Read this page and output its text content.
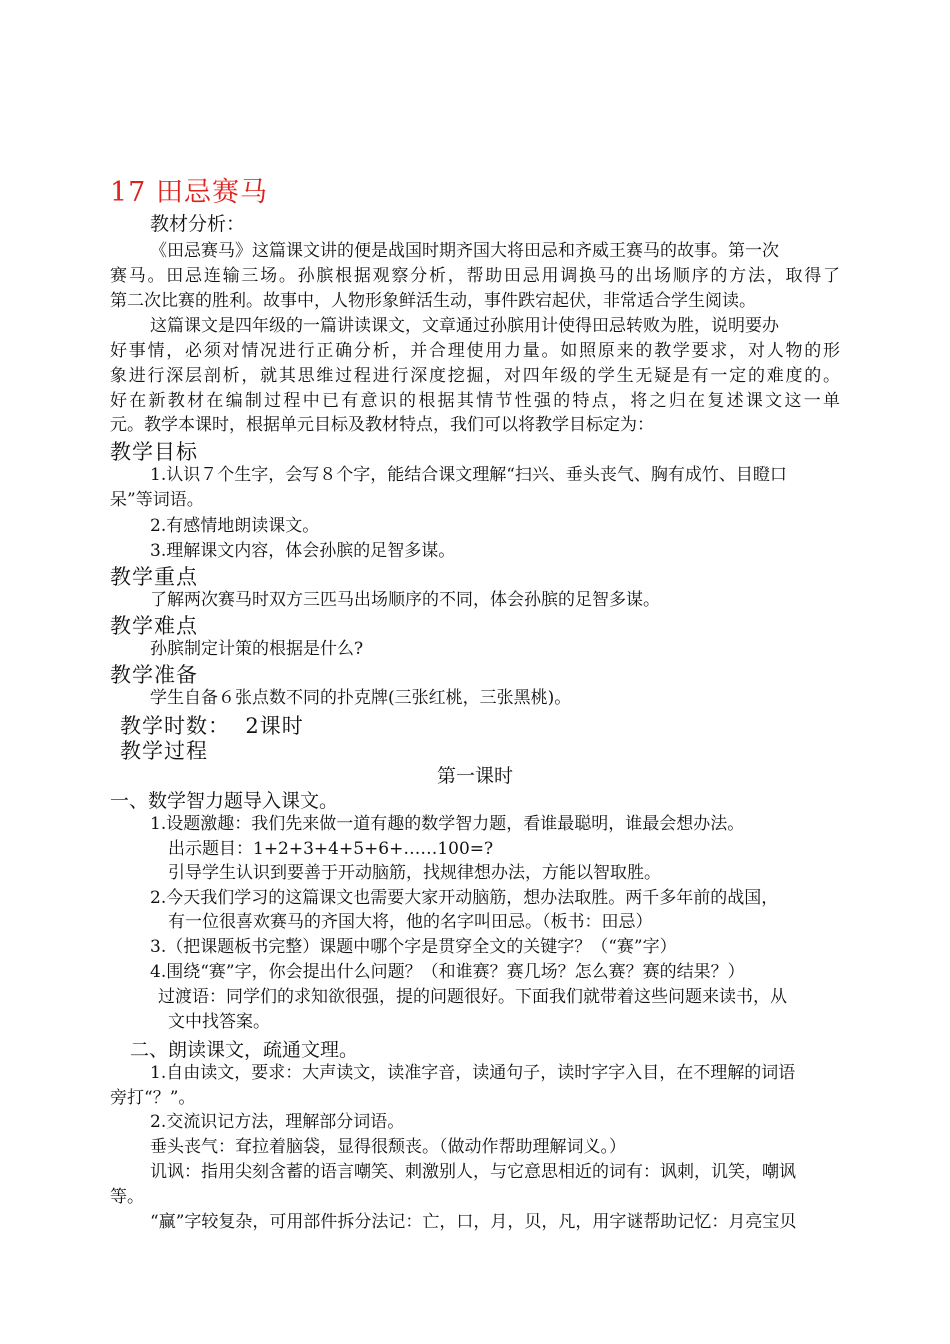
17 田忌赛马
教材分析：
《田忌赛马》这篇课文讲的便是战国时期齐国大将田忌和齐威王赛马的故事。第一次
赛马。田忌连输三场。孙膑根据观察分析，帮助田忌用调换马的出场顺序的方法，取得了
第二次比赛的胜利。故事中，人物形象鲜活生动，事件跌宕起伏，非常适合学生阅读。
这篇课文是四年级的一篇讲读课文，文章通过孙膑用计使得田忌转败为胜，说明要办
好事情，必须对情况进行正确分析，并合理使用力量。如照原来的教学要求，对人物的形
象进行深层剖析，就其思维过程进行深度挖掘，对四年级的学生无疑是有一定的难度的。
好在新教材在编制过程中已有意识的根据其情节性强的特点，将之归在复述课文这一单
元。教学本课时，根据单元目标及教材特点，我们可以将教学目标定为：
教学目标
1.认识７个生字，会写８个字，能结合课文理解“扫兴、垂头丧气、胸有成竹、目瞪口
呆”等词语。
2.有感情地朗读课文。
3.理解课文内容，体会孙膑的足智多谋。
教学重点
了解两次赛马时双方三匹马出场顺序的不同，体会孙膑的足智多谋。
教学难点
孙膑制定计策的根据是什么?
教学准备
学生自备６张点数不同的扑克牌(三张红桃，三张黑桃)。
教学时数：  2课时
教学过程
第一课时
一、数学智力题导入课文。
1.设题激趣：我们先来做一道有趣的数学智力题，看谁最聪明，谁最会想办法。
出示题目：1+2+3+4+5+6+……100=?
引导学生认识到要善于开动脑筋，找规律想办法，方能以智取胜。
2.今天我们学习的这篇课文也需要大家开动脑筋，想办法取胜。两千多年前的战国，
有一位很喜欢赛马的齐国大将，他的名字叫田忌。（板书：田忌）
3.（把课题板书完整）课题中哪个字是贯穿全文的关键字？（“赛”字）
4.围绕“赛”字，你会提出什么问题？（和谁赛？赛几场？怎么赛？赛的结果？）
过渡语：同学们的求知欲很强，提的问题很好。下面我们就带着这些问题来读书，从
文中找答案。
二、朗读课文，疏通文理。
1.自由读文，要求：大声读文，读准字音，读通句子，读时字字入目，在不理解的词语
旁打“？”。
2.交流识记方法，理解部分词语。
垂头丧气：耷拉着脑袋，显得很颓丧。（做动作帮助理解词义。）
讥讽：指用尖刻含蓄的语言嘲笑、刺激别人，与它意思相近的词有：讽刺，讥笑，嘲讽
等。
“赢”字较复杂，可用部件拆分法记：亡，口，月，贝，凡，用字谜帮助记忆：月亮宝贝
